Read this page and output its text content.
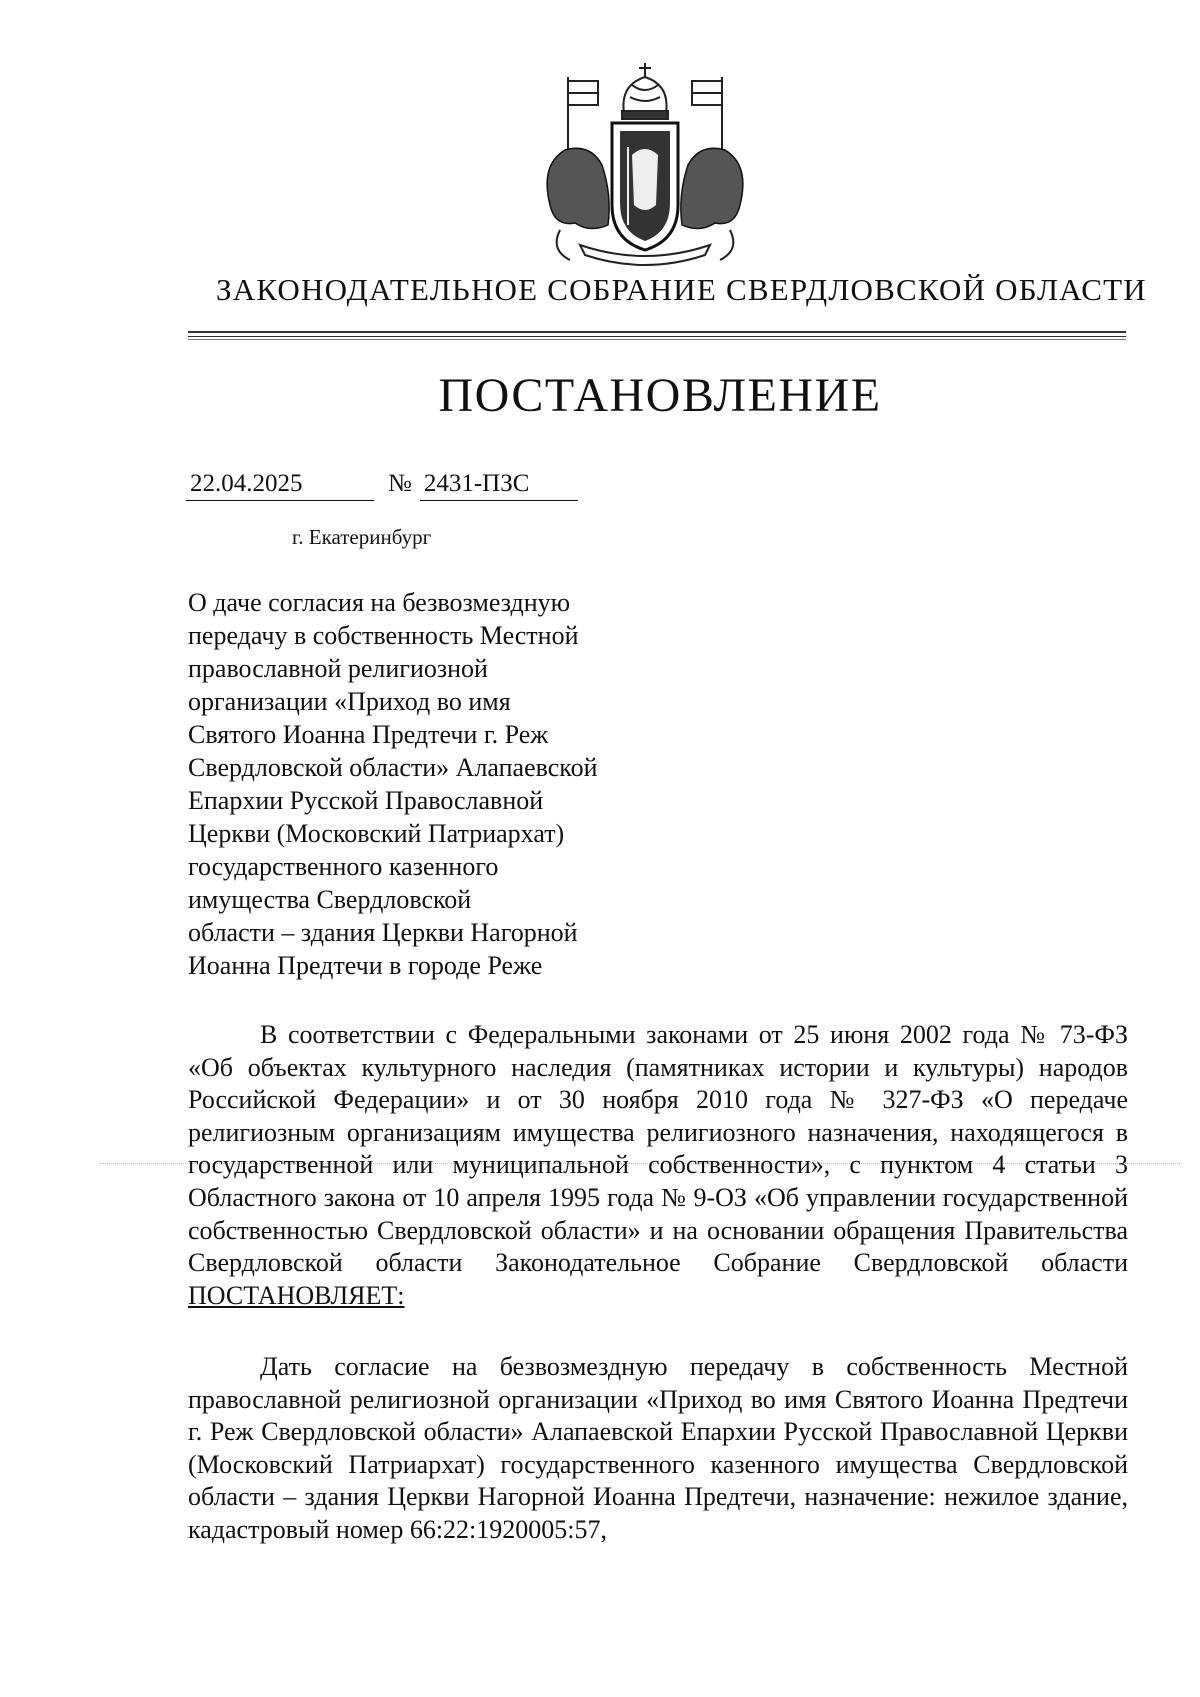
ЗАКОНОДАТЕЛЬНОЕ СОБРАНИЕ СВЕРДЛОВСКОЙ ОБЛАСТИ
ПОСТАНОВЛЕНИЕ
22.04.2025	№ 2431-ПЗС
г. Екатеринбург
О даче согласия на безвозмездную
передачу в собственность Местной
православной религиозной
организации «Приход во имя
Святого Иоанна Предтечи г. Реж
Свердловской области» Алапаевской
Епархии Русской Православной
Церкви (Московский Патриархат)
государственного казенного
имущества Свердловской
области – здания Церкви Нагорной
Иоанна Предтечи в городе Реже
В соответствии с Федеральными законами от 25 июня 2002 года № 73-ФЗ «Об объектах культурного наследия (памятниках истории и культуры) народов Российской Федерации» и от 30 ноября 2010 года № 327-ФЗ «О передаче религиозным организациям имущества религиозного назначения, находящегося в государственной или муниципальной собственности», с пунктом 4 статьи 3 Областного закона от 10 апреля 1995 года № 9-ОЗ «Об управлении государственной собственностью Свердловской области» и на основании обращения Правительства Свердловской области Законодательное Собрание Свердловской области ПОСТАНОВЛЯЕТ:
Дать согласие на безвозмездную передачу в собственность Местной православной религиозной организации «Приход во имя Святого Иоанна Предтечи г. Реж Свердловской области» Алапаевской Епархии Русской Православной Церкви (Московский Патриархат) государственного казенного имущества Свердловской области – здания Церкви Нагорной Иоанна Предтечи, назначение: нежилое здание, кадастровый номер 66:22:1920005:57,
